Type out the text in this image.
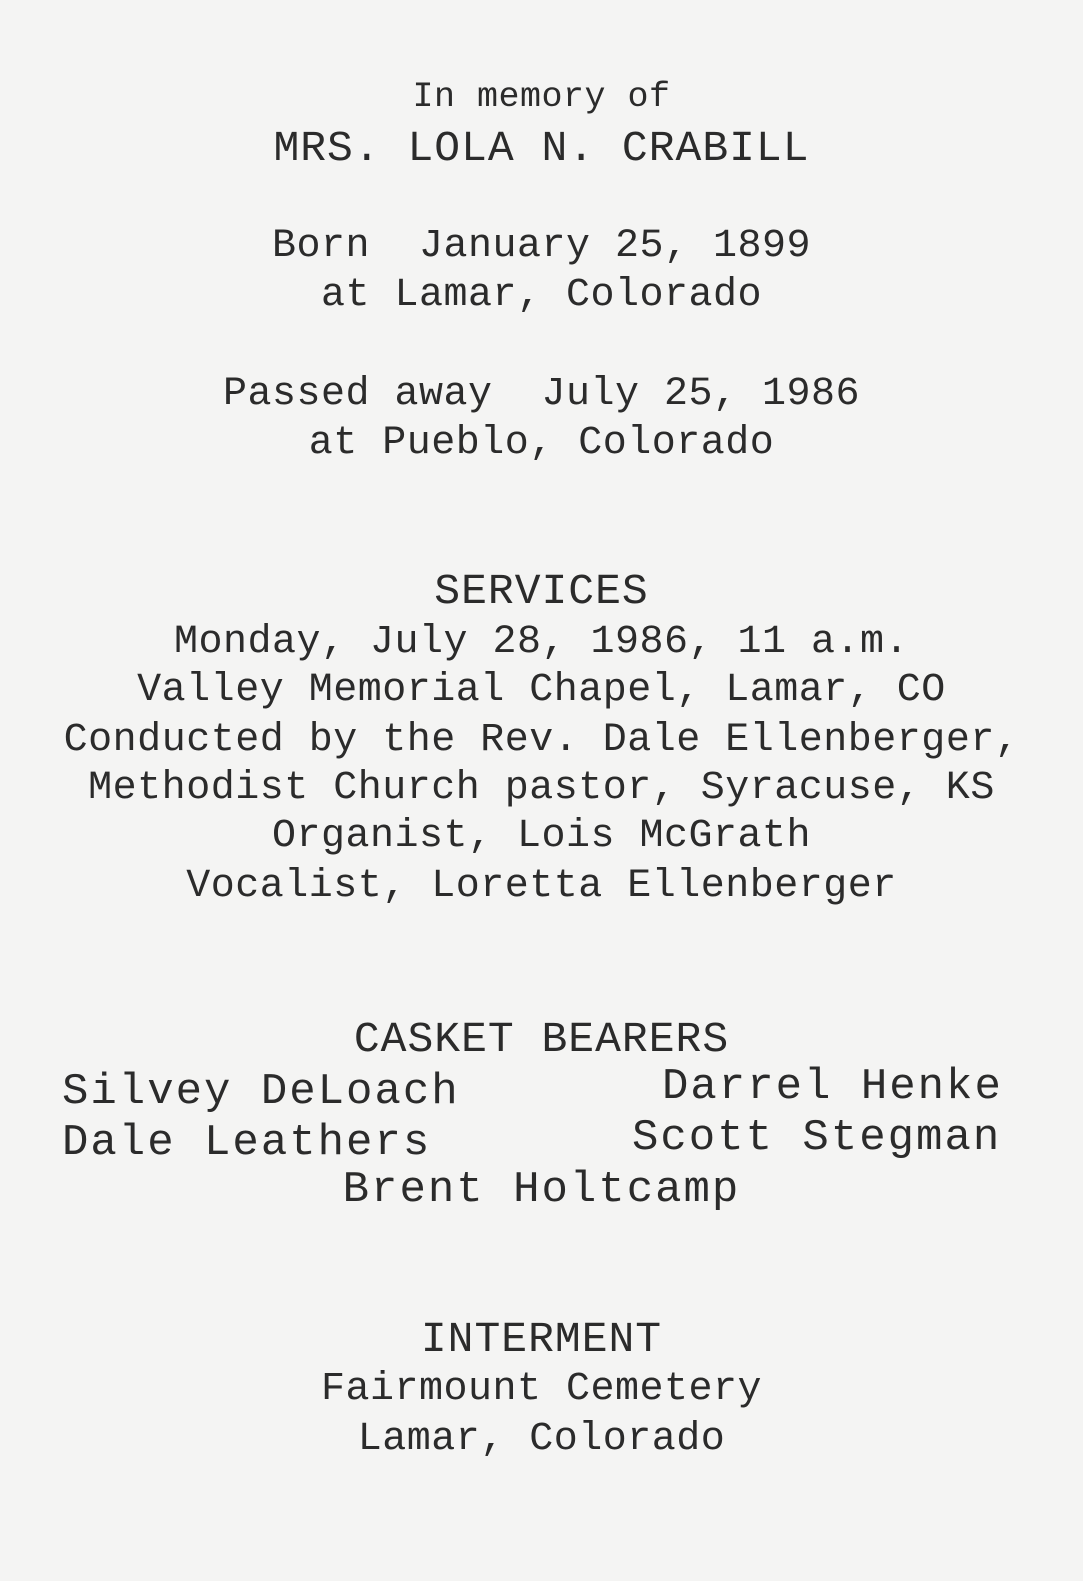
In memory of
MRS. LOLA N. CRABILL
Born  January 25, 1899
at Lamar, Colorado
Passed away  July 25, 1986
at Pueblo, Colorado
SERVICES
Monday, July 28, 1986, 11 a.m.
Valley Memorial Chapel, Lamar, CO
Conducted by the Rev. Dale Ellenberger,
Methodist Church pastor, Syracuse, KS
Organist, Lois McGrath
Vocalist, Loretta Ellenberger
CASKET BEARERS
Silvey DeLoach	Darrel Henke
Dale Leathers	Scott Stegman
Brent Holtcamp
INTERMENT
Fairmount Cemetery
Lamar, Colorado
